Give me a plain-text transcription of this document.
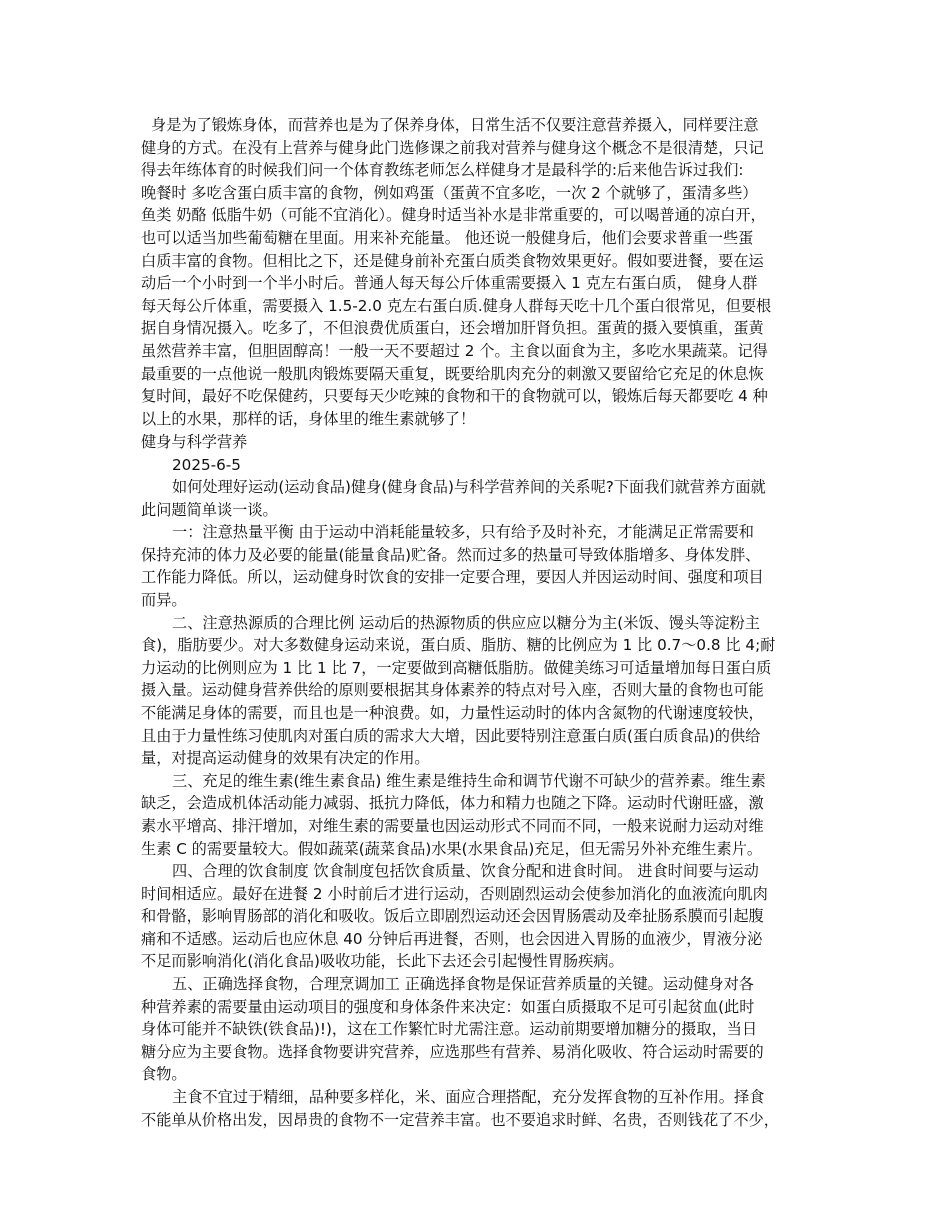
身是为了锻炼身体，而营养也是为了保养身体，日常生活不仅要注意营养摄入，同样要注意
健身的方式。在没有上营养与健身此门选修课之前我对营养与健身这个概念不是很清楚，只记
得去年练体育的时候我们问一个体育教练老师怎么样健身才是最科学的:后来他告诉过我们:
晚餐时 多吃含蛋白质丰富的食物，例如鸡蛋（蛋黄不宜多吃，一次 2 个就够了，蛋清多些）
鱼类 奶酪 低脂牛奶（可能不宜消化）。健身时适当补水是非常重要的，可以喝普通的凉白开，
也可以适当加些葡萄糖在里面。用来补充能量。 他还说一般健身后，他们会要求普重一些蛋
白质丰富的食物。但相比之下，还是健身前补充蛋白质类食物效果更好。假如要进餐，要在运
动后一个小时到一个半小时后。普通人每天每公斤体重需要摄入 1 克左右蛋白质， 健身人群
每天每公斤体重，需要摄入 1.5-2.0 克左右蛋白质.健身人群每天吃十几个蛋白很常见，但要根
据自身情况摄入。吃多了，不但浪费优质蛋白，还会增加肝肾负担。蛋黄的摄入要慎重，蛋黄
虽然营养丰富，但胆固醇高！一般一天不要超过 2 个。主食以面食为主，多吃水果蔬菜。记得
最重要的一点他说一般肌肉锻炼要隔天重复，既要给肌肉充分的刺激又要留给它充足的休息恢
复时间，最好不吃保健药，只要每天少吃辣的食物和干的食物就可以，锻炼后每天都要吃 4 种
以上的水果，那样的话，身体里的维生素就够了！
健身与科学营养
2025-6-5
如何处理好运动(运动食品)健身(健身食品)与科学营养间的关系呢?下面我们就营养方面就
此问题简单谈一谈。
一：注意热量平衡 由于运动中消耗能量较多，只有给予及时补充，才能满足正常需要和
保持充沛的体力及必要的能量(能量食品)贮备。然而过多的热量可导致体脂增多、身体发胖、
工作能力降低。所以，运动健身时饮食的安排一定要合理，要因人并因运动时间、强度和项目
而异。
二、注意热源质的合理比例 运动后的热源物质的供应应以糖分为主(米饭、馒头等淀粉主
食)，脂肪要少。对大多数健身运动来说，蛋白质、脂肪、糖的比例应为 1 比 0.7～0.8 比 4;耐
力运动的比例则应为 1 比 1 比 7，一定要做到高糖低脂肪。做健美练习可适量增加每日蛋白质
摄入量。运动健身营养供给的原则要根据其身体素养的特点对号入座，否则大量的食物也可能
不能满足身体的需要，而且也是一种浪费。如，力量性运动时的体内含氮物的代谢速度较快，
且由于力量性练习使肌肉对蛋白质的需求大大增，因此要特别注意蛋白质(蛋白质食品)的供给
量，对提高运动健身的效果有决定的作用。
三、充足的维生素(维生素食品) 维生素是维持生命和调节代谢不可缺少的营养素。维生素
缺乏，会造成机体活动能力减弱、抵抗力降低，体力和精力也随之下降。运动时代谢旺盛，激
素水平增高、排汗增加，对维生素的需要量也因运动形式不同而不同，一般来说耐力运动对维
生素 C 的需要量较大。假如蔬菜(蔬菜食品)水果(水果食品)充足，但无需另外补充维生素片。
四、合理的饮食制度 饮食制度包括饮食质量、饮食分配和进食时间。 进食时间要与运动
时间相适应。最好在进餐 2 小时前后才进行运动，否则剧烈运动会使参加消化的血液流向肌肉
和骨骼，影响胃肠部的消化和吸收。饭后立即剧烈运动还会因胃肠震动及牵扯肠系膜而引起腹
痛和不适感。运动后也应休息 40 分钟后再进餐，否则，也会因进入胃肠的血液少，胃液分泌
不足而影响消化(消化食品)吸收功能，长此下去还会引起慢性胃肠疾病。
五、正确选择食物，合理烹调加工 正确选择食物是保证营养质量的关键。运动健身对各
种营养素的需要量由运动项目的强度和身体条件来决定：如蛋白质摄取不足可引起贫血(此时
身体可能并不缺铁(铁食品)!)，这在工作繁忙时尤需注意。运动前期要增加糖分的摄取，当日
糖分应为主要食物。选择食物要讲究营养，应选那些有营养、易消化吸收、符合运动时需要的
食物。
主食不宜过于精细，品种要多样化，米、面应合理搭配，充分发挥食物的互补作用。择食
不能单从价格出发，因昂贵的食物不一定营养丰富。也不要追求时鲜、名贵，否则钱花了不少，
